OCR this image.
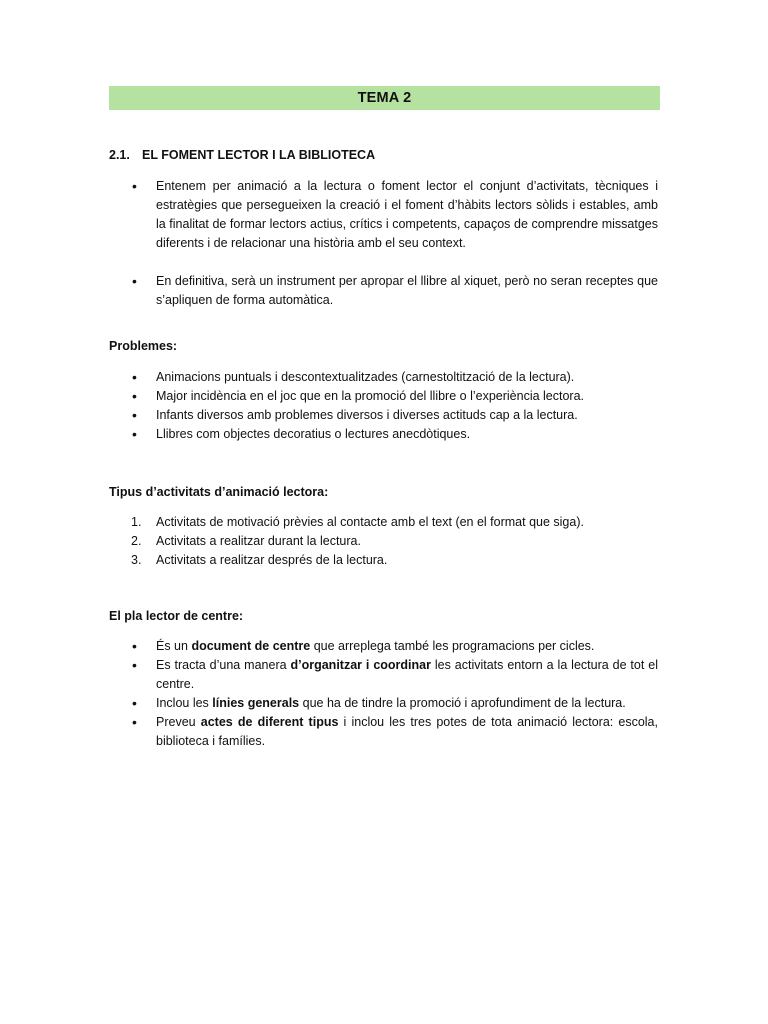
TEMA 2
2.1. EL FOMENT LECTOR I LA BIBLIOTECA
• Entenem per animació a la lectura o foment lector el conjunt d’activitats, tècniques i estratègies que persegueixen la creació i el foment d’hàbits lectors sòlids i estables, amb la finalitat de formar lectors actius, crítics i competents, capaços de comprendre missatges diferents i de relacionar una història amb el seu context.
• En definitiva, serà un instrument per apropar el llibre al xiquet, però no seran receptes que s’apliquen de forma automàtica.
Problemes:
• Animacions puntuals i descontextualitzades (carnestoltització de la lectura).
• Major incidència en el joc que en la promoció del llibre o l’experiència lectora.
• Infants diversos amb problemes diversos i diverses actituds cap a la lectura.
• Llibres com objectes decoratius o lectures anecdòtiques.
Tipus d’activitats d’animació lectora:
1. Activitats de motivació prèvies al contacte amb el text (en el format que siga).
2. Activitats a realitzar durant la lectura.
3. Activitats a realitzar després de la lectura.
El pla lector de centre:
• És un document de centre que arreplega també les programacions per cicles.
• Es tracta d’una manera d’organitzar i coordinar les activitats entorn a la lectura de tot el centre.
• Inclou les línies generals que ha de tindre la promoció i aprofundiment de la lectura.
• Preveu actes de diferent tipus i inclou les tres potes de tota animació lectora: escola, biblioteca i famílies.
